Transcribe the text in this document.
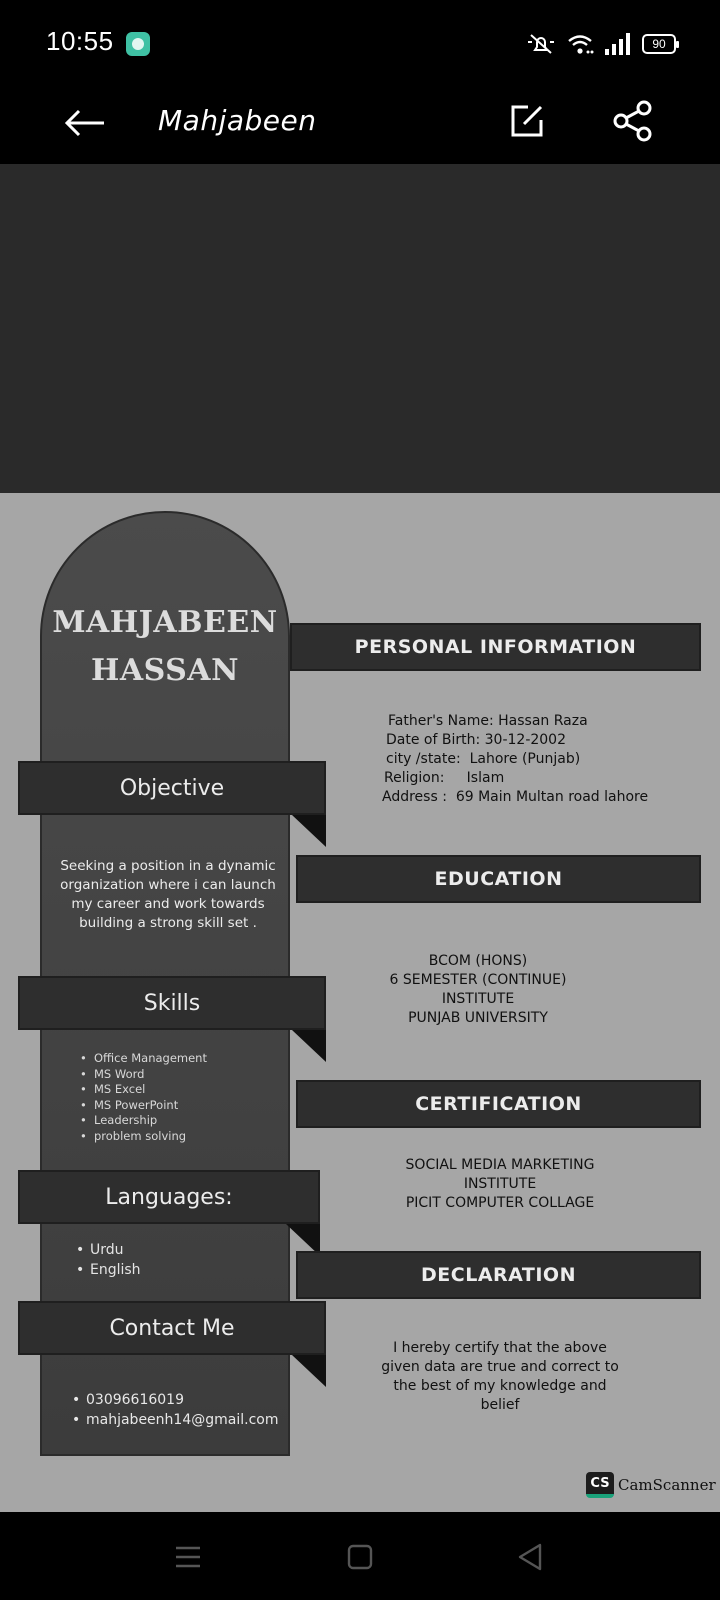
10:55	90
Mahjabeen
MAHJABEEN
HASSAN
Objective
Seeking a position in a dynamic
organization where i can launch
my career and work towards
building a strong skill set .
Skills
• Office Management
• MS Word
• MS Excel
• MS PowerPoint
• Leadership
• problem solving
Languages:
• Urdu
• English
Contact Me
• 03096616019
• mahjabeenh14@gmail.com
PERSONAL INFORMATION
Father's Name: Hassan Raza
Date of Birth: 30-12-2002
city /state:  Lahore (Punjab)
Religion:     Islam
Address :  69 Main Multan road lahore
EDUCATION
BCOM (HONS)
6 SEMESTER (CONTINUE)
INSTITUTE
PUNJAB UNIVERSITY
CERTIFICATION
SOCIAL MEDIA MARKETING
INSTITUTE
PICIT COMPUTER COLLAGE
DECLARATION
I hereby certify that the above
given data are true and correct to
the best of my knowledge and
belief
CS CamScanner
